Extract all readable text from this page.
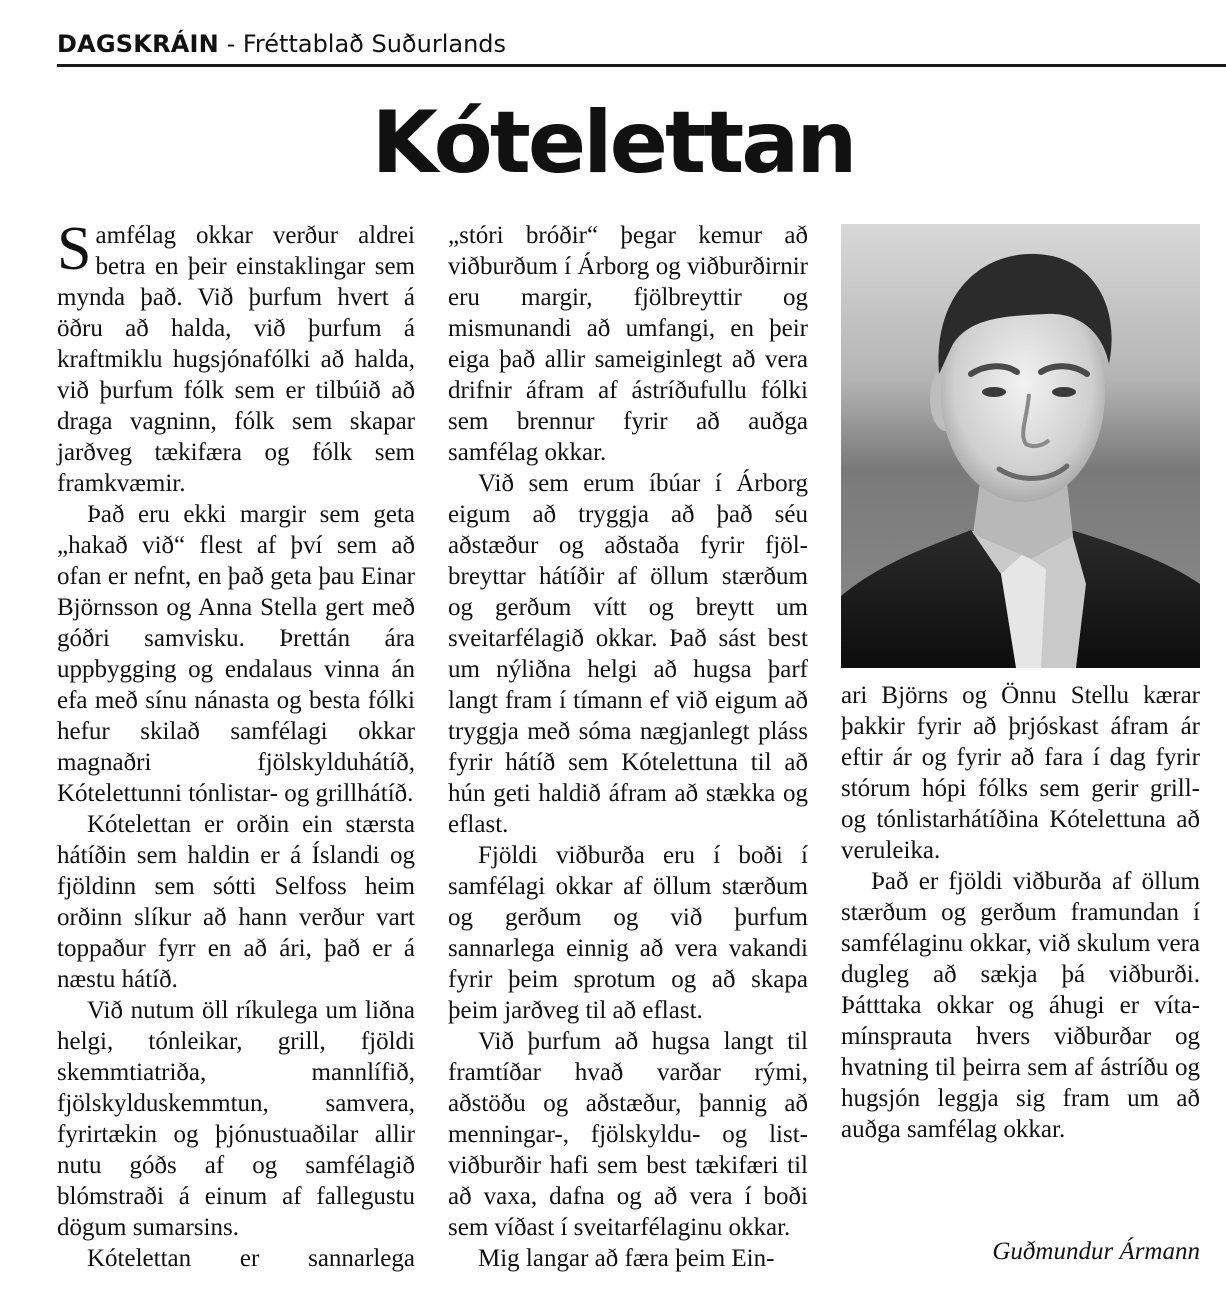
DAGSKRÁIN - Fréttablað Suðurlands
Kótelettan

Samfélag okkar verður aldrei betra en þeir einstaklingar sem mynda það. Við þurfum hvert á öðru að halda, við þurfum á kraftmiklu hugsjónafólki að halda, við þurfum fólk sem er tilbúið að draga vagninn, fólk sem skapar jarðveg tækifæra og fólk sem framkvæmir.

Það eru ekki margir sem geta „hakað við“ flest af því sem að ofan er nefnt, en það geta þau Einar Björnsson og Anna Stella gert með góðri samvisku. Þrettán ára uppbygging og endalaus vinna án efa með sínu nánasta og besta fólki hefur skilað samfélagi okkar magnaðri fjölskylduhátíð, Kótelettunni tónlistar- og grillhátíð.

Kótelettan er orðin ein stærsta hátíðin sem haldin er á Íslandi og fjöldinn sem sótti Selfoss heim orðinn slíkur að hann verður vart toppaður fyrr en að ári, það er á næstu hátíð.

Við nutum öll ríkulega um liðna helgi, tónleikar, grill, fjöldi skemmtiatriða, mannlífið, fjölskylduskemmtun, samvera, fyrirtækin og þjónustuaðilar allir nutu góðs af og samfélagið blómstraði á einum af fallegustu dögum sumarsins.

Kótelettan er sannarlega

„stóri bróðir“ þegar kemur að viðburðum í Árborg og viðburðirnir eru margir, fjölbreyttir og mismunandi að umfangi, en þeir eiga það allir sameiginlegt að vera drifnir áfram af ástríðufullu fólki sem brennur fyrir að auðga samfélag okkar.

Við sem erum íbúar í Árborg eigum að tryggja að það séu aðstæður og aðstaða fyrir fjölbreyttar hátíðir af öllum stærðum og gerðum vítt og breytt um sveitarfélagið okkar. Það sást best um nýliðna helgi að hugsa þarf langt fram í tímann ef við eigum að tryggja með sóma nægjanlegt pláss fyrir hátíð sem Kótelettuna til að hún geti haldið áfram að stækka og eflast.

Fjöldi viðburða eru í boði í samfélagi okkar af öllum stærðum og gerðum og við þurfum sannarlega einnig að vera vakandi fyrir þeim sprotum og að skapa þeim jarðveg til að eflast.

Við þurfum að hugsa langt til framtíðar hvað varðar rými, aðstöðu og aðstæður, þannig að menningar-, fjölskyldu- og listviðburðir hafi sem best tækifæri til að vaxa, dafna og að vera í boði sem víðast í sveitarfélaginu okkar.

Mig langar að færa þeim Ein-

ari Björns og Önnu Stellu kærar þakkir fyrir að þrjóskast áfram ár eftir ár og fyrir að fara í dag fyrir stórum hópi fólks sem gerir grill- og tónlistarhátíðina Kótelettuna að veruleika.

Það er fjöldi viðburða af öllum stærðum og gerðum framundan í samfélaginu okkar, við skulum vera dugleg að sækja þá viðburði. Þátttaka okkar og áhugi er vítamínsprauta hvers viðburðar og hvatning til þeirra sem af ástríðu og hugsjón leggja sig fram um að auðga samfélag okkar.

Guðmundur Ármann
